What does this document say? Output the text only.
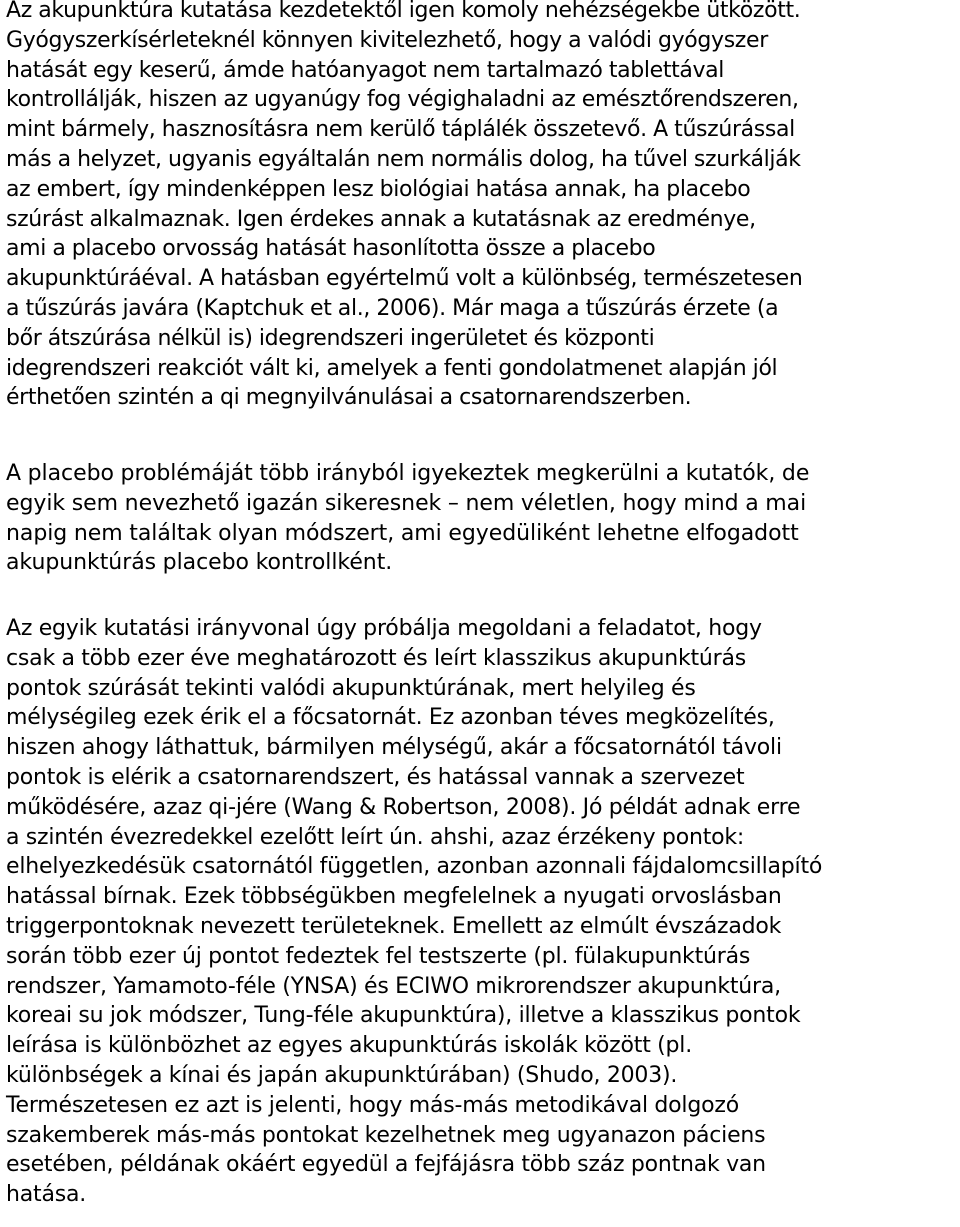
Az akupunktúra kutatása kezdetektől igen komoly nehézségekbe ütközött.
Gyógyszerkísérleteknél könnyen kivitelezhető, hogy a valódi gyógyszer
hatását egy keserű, ámde hatóanyagot nem tartalmazó tablettával
kontrollálják, hiszen az ugyanúgy fog végighaladni az emésztőrendszeren,
mint bármely, hasznosításra nem kerülő táplálék összetevő. A tűszúrással
más a helyzet, ugyanis egyáltalán nem normális dolog, ha tűvel szurkálják
az embert, így mindenképpen lesz biológiai hatása annak, ha placebo
szúrást alkalmaznak. Igen érdekes annak a kutatásnak az eredménye,
ami a placebo orvosság hatását hasonlította össze a placebo
akupunktúráéval. A hatásban egyértelmű volt a különbség, természetesen
a tűszúrás javára (Kaptchuk et al., 2006). Már maga a tűszúrás érzete (a
bőr átszúrása nélkül is) idegrendszeri ingerületet és központi
idegrendszeri reakciót vált ki, amelyek a fenti gondolatmenet alapján jól
érthetően szintén a qi megnyilvánulásai a csatornarendszerben.
A placebo problémáját több irányból igyekeztek megkerülni a kutatók, de
egyik sem nevezhető igazán sikeresnek – nem véletlen, hogy mind a mai
napig nem találtak olyan módszert, ami egyedüliként lehetne elfogadott
akupunktúrás placebo kontrollként.
Az egyik kutatási irányvonal úgy próbálja megoldani a feladatot, hogy
csak a több ezer éve meghatározott és leírt klasszikus akupunktúrás
pontok szúrását tekinti valódi akupunktúrának, mert helyileg és
mélységileg ezek érik el a főcsatornát. Ez azonban téves megközelítés,
hiszen ahogy láthattuk, bármilyen mélységű, akár a főcsatornától távoli
pontok is elérik a csatornarendszert, és hatással vannak a szervezet
működésére, azaz qi-jére (Wang & Robertson, 2008). Jó példát adnak erre
a szintén évezredekkel ezelőtt leírt ún. ahshi, azaz érzékeny pontok:
elhelyezkedésük csatornától független, azonban azonnali fájdalomcsillapító
hatással bírnak. Ezek többségükben megfelelnek a nyugati orvoslásban
triggerpontoknak nevezett területeknek. Emellett az elmúlt évszázadok
során több ezer új pontot fedeztek fel testszerte (pl. fülakupunktúrás
rendszer, Yamamoto-féle (YNSA) és ECIWO mikrorendszer akupunktúra,
koreai su jok módszer, Tung-féle akupunktúra), illetve a klasszikus pontok
leírása is különbözhet az egyes akupunktúrás iskolák között (pl.
különbségek a kínai és japán akupunktúrában) (Shudo, 2003).
Természetesen ez azt is jelenti, hogy más-más metodikával dolgozó
szakemberek más-más pontokat kezelhetnek meg ugyanazon páciens
esetében, példának okáért egyedül a fejfájásra több száz pontnak van
hatása.
